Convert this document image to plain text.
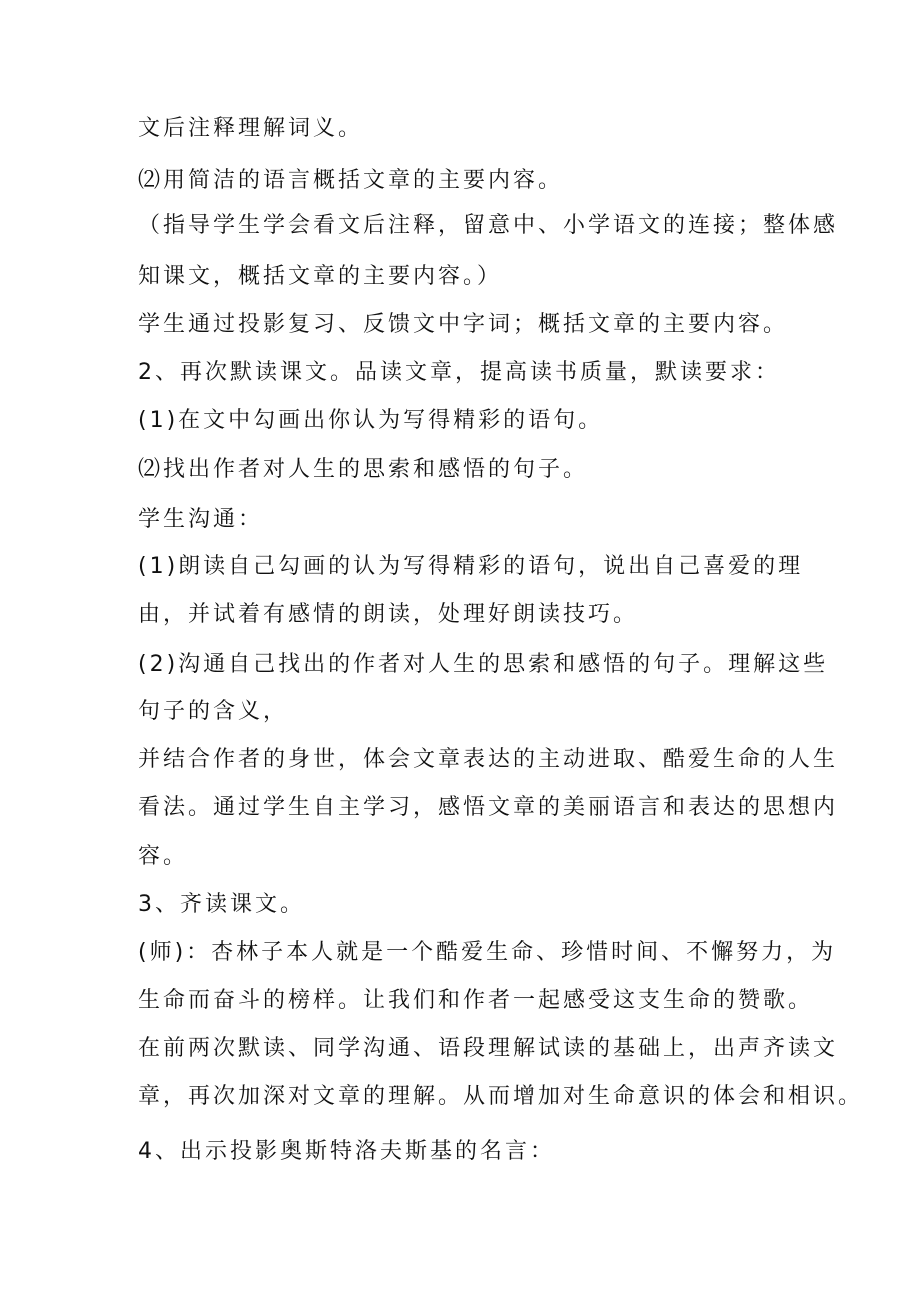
文后注释理解词义。
⑵用简洁的语言概括文章的主要内容。
（指导学生学会看文后注释，留意中、小学语文的连接；整体感
知课文，概括文章的主要内容。）
学生通过投影复习、反馈文中字词；概括文章的主要内容。
2、再次默读课文。品读文章，提高读书质量，默读要求：
(1)在文中勾画出你认为写得精彩的语句。
⑵找出作者对人生的思索和感悟的句子。
学生沟通：
(1)朗读自己勾画的认为写得精彩的语句，说出自己喜爱的理
由，并试着有感情的朗读，处理好朗读技巧。
(2)沟通自己找出的作者对人生的思索和感悟的句子。理解这些
句子的含义，
并结合作者的身世，体会文章表达的主动进取、酷爱生命的人生
看法。通过学生自主学习，感悟文章的美丽语言和表达的思想内
容。
3、齐读课文。
(师)：杏林子本人就是一个酷爱生命、珍惜时间、不懈努力，为
生命而奋斗的榜样。让我们和作者一起感受这支生命的赞歌。
在前两次默读、同学沟通、语段理解试读的基础上，出声齐读文
章，再次加深对文章的理解。从而增加对生命意识的体会和相识。
4、出示投影奥斯特洛夫斯基的名言：
